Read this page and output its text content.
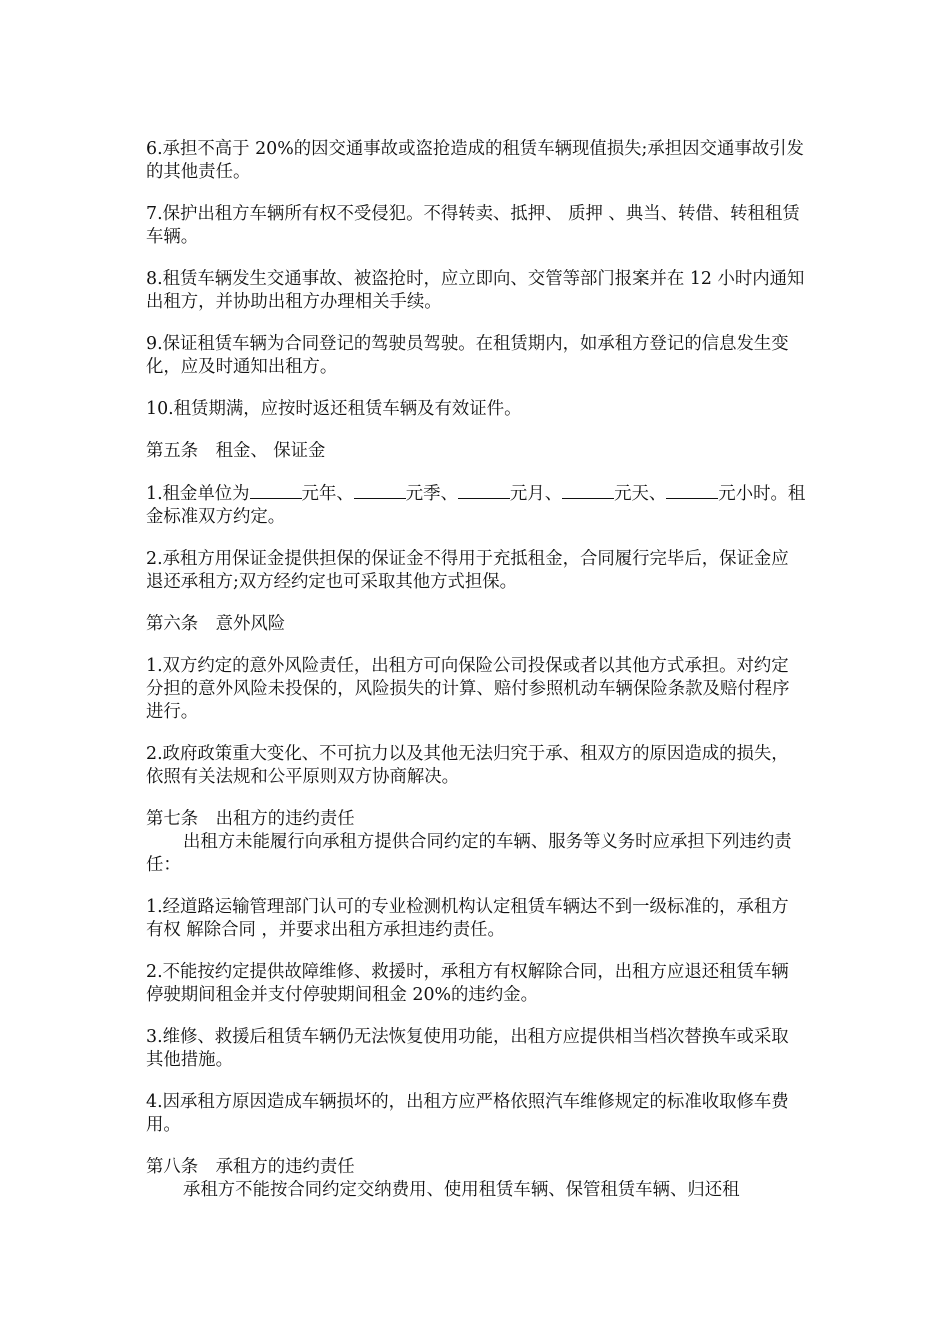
6.承担不高于 20%的因交通事故或盗抢造成的租赁车辆现值损失;承担因交通事故引发的其他责任。

7.保护出租方车辆所有权不受侵犯。不得转卖、抵押、 质押 、典当、转借、转租租赁车辆。

8.租赁车辆发生交通事故、被盗抢时，应立即向、交管等部门报案并在 12 小时内通知出租方，并协助出租方办理相关手续。

9.保证租赁车辆为合同登记的驾驶员驾驶。在租赁期内，如承租方登记的信息发生变化，应及时通知出租方。

10.租赁期满，应按时返还租赁车辆及有效证件。

第五条　租金、 保证金

1.租金单位为	元年、	元季、	元月、	元天、	元小时。租金标准双方约定。

2.承租方用保证金提供担保的保证金不得用于充抵租金，合同履行完毕后，保证金应退还承租方;双方经约定也可采取其他方式担保。

第六条　意外风险

1.双方约定的意外风险责任，出租方可向保险公司投保或者以其他方式承担。对约定分担的意外风险未投保的，风险损失的计算、赔付参照机动车辆保险条款及赔付程序进行。

2.政府政策重大变化、不可抗力以及其他无法归究于承、租双方的原因造成的损失，依照有关法规和公平原则双方协商解决。

第七条　出租方的违约责任

出租方未能履行向承租方提供合同约定的车辆、服务等义务时应承担下列违约责任：

1.经道路运输管理部门认可的专业检测机构认定租赁车辆达不到一级标准的，承租方有权 解除合同 ，并要求出租方承担违约责任。

2.不能按约定提供故障维修、救援时，承租方有权解除合同，出租方应退还租赁车辆停驶期间租金并支付停驶期间租金 20%的违约金。

3.维修、救援后租赁车辆仍无法恢复使用功能，出租方应提供相当档次替换车或采取其他措施。

4.因承租方原因造成车辆损坏的，出租方应严格依照汽车维修规定的标准收取修车费用。

第八条　承租方的违约责任

承租方不能按合同约定交纳费用、使用租赁车辆、保管租赁车辆、归还租
